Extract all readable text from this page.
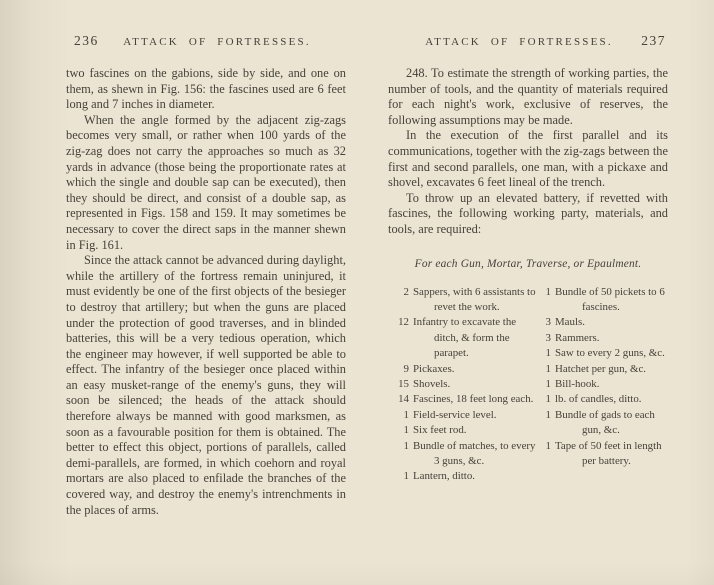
236	ATTACK OF FORTRESSES.

two fascines on the gabions, side by side, and one on them, as shewn in Fig. 156: the fascines used are 6 feet long and 7 inches in diameter.

When the angle formed by the adjacent zig-zags becomes very small, or rather when 100 yards of the zig-zag does not carry the approaches so much as 32 yards in advance (those being the proportionate rates at which the single and double sap can be executed), then they should be direct, and consist of a double sap, as represented in Figs. 158 and 159. It may sometimes be necessary to cover the direct saps in the manner shewn in Fig. 161.

Since the attack cannot be advanced during daylight, while the artillery of the fortress remain uninjured, it must evidently be one of the first objects of the besieger to destroy that artillery; but when the guns are placed under the protection of good traverses, and in blinded batteries, this will be a very tedious operation, which the engineer may however, if well supported be able to effect. The infantry of the besieger once placed within an easy musket-range of the enemy's guns, they will soon be silenced; the heads of the attack should therefore always be manned with good marksmen, as soon as a favourable position for them is obtained. The better to effect this object, portions of parallels, called demi-parallels, are formed, in which coehorn and royal mortars are also placed to enfilade the branches of the covered way, and destroy the enemy's intrenchments in the places of arms.

ATTACK OF FORTRESSES.	237

248. To estimate the strength of working parties, the number of tools, and the quantity of materials required for each night's work, exclusive of reserves, the following assumptions may be made.

In the execution of the first parallel and its communications, together with the zig-zags between the first and second parallels, one man, with a pickaxe and shovel, excavates 6 feet lineal of the trench.

To throw up an elevated battery, if revetted with fascines, the following working party, materials, and tools, are required:

For each Gun, Mortar, Traverse, or Epaulment.
2 Sappers, with 6 assistants to revet the work.
12 Infantry to excavate the ditch, & form the parapet.
9 Pickaxes.
15 Shovels.
14 Fascines, 18 feet long each.
1 Field-service level.
1 Six feet rod.
1 Bundle of matches, to every 3 guns, &c.
1 Lantern, ditto.
1 Bundle of 50 pickets to 6 fascines.
3 Mauls.
3 Rammers.
1 Saw to every 2 guns, &c.
1 Hatchet per gun, &c.
1 Bill-hook.
1 lb. of candles, ditto.
1 Bundle of gads to each gun, &c.
1 Tape of 50 feet in length per battery.
